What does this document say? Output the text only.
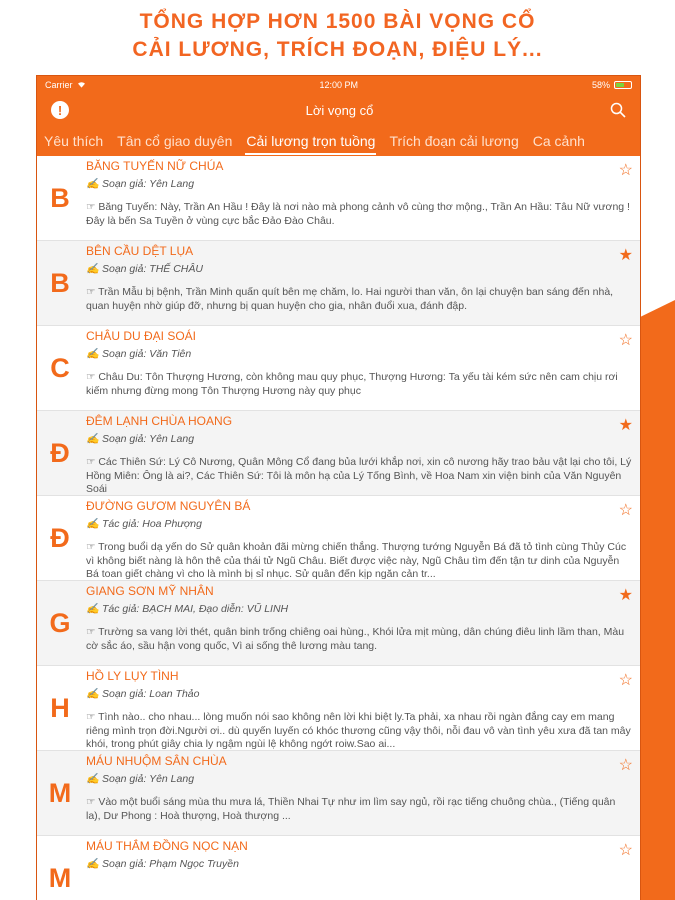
TỔNG HỢP HƠN 1500 BÀI VỌNG CỔ
CẢI LƯƠNG, TRÍCH ĐOẠN, ĐIỆU LÝ...
Carrier	12:00 PM	58%
!	Lời vọng cổ
Yêu thích	Tân cổ giao duyên	Cải lương trọn tuồng	Trích đoạn cải lương	Ca cảnh
B
BĂNG TUYẾN NỮ CHÚA
✍ Soạn giả: Yên Lang
☞ Băng Tuyến: Này, Trần An Hầu ! Đây là nơi nào mà phong cảnh vô cùng thơ mộng., Trần An Hầu: Tâu Nữ vương ! Đây là bến Sa Tuyền ở vùng cực bắc Đảo Đào Châu.
☆
B
BÊN CẦU DỆT LỤA
✍ Soạn giả: THẾ CHÂU
☞ Trần Mẫu bị bệnh, Trần Minh quấn quít bên mẹ chăm, lo. Hai người than văn, ôn lại chuyện ban sáng đến nhà, quan huyện nhờ giúp đỡ, nhưng bị quan huyện cho gia, nhân đuổi xua, đánh đập.
★
C
CHÂU DU ĐẠI SOÁI
✍ Soạn giả: Văn Tiên
☞ Châu Du: Tôn Thượng Hương, còn không mau quy phục, Thượng Hương: Ta yếu tài kém sức nên cam chịu rơi kiếm nhưng đừng mong Tôn Thượng Hương này quy phục
☆
Đ
ĐÊM LẠNH CHÙA HOANG
✍ Soạn giả: Yên Lang
☞ Các Thiên Sứ: Lý Cô Nương, Quân Mông Cổ đang bủa lưới khắp nơi, xin cô nương hãy trao bảu vật lại cho tôi, Lý Hồng Miên: Ông là ai?, Các Thiên Sứ: Tôi là môn hạ của Lý Tống Bình, về Hoa Nam xin viện binh của Văn Nguyên Soái
★
Đ
ĐƯỜNG GƯƠM NGUYÊN BÁ
✍ Tác giả: Hoa Phượng
☞ Trong buổi dạ yến do Sử quân khoản đãi mừng chiến thắng. Thượng tướng Nguyễn Bá đã tỏ tình cùng Thủy Cúc vì không biết nàng là hôn thê của thái tử Ngũ Châu. Biết được việc này, Ngũ Châu tìm đến tận tư dinh của Nguyễn Bá toan giết chàng vì cho là mình bị sỉ nhục. Sử quân đến kịp ngăn cản tr...
☆
G
GIANG SƠN MỸ NHÂN
✍ Tác giả: BẠCH MAI, Đạo diễn: VŨ LINH
☞ Trường sa vang lời thét, quân binh trống chiêng oai hùng., Khói lửa mịt mùng, dân chúng điêu linh lầm than, Màu cờ sắc áo, sầu hận vong quốc, Vì ai sống thê lương màu tang.
★
H
HỒ LY LỤY TÌNH
✍ Soạn giả: Loan Thảo
☞ Tình nào.. cho nhau... lòng muốn nói sao không nên lời khi biệt ly.Ta phải, xa nhau rồi ngàn đắng cay em mang riêng mình trọn đời.Người ơi.. dù quyến luyến có khóc thương cũng vậy thôi, nỗi đau vô vàn tình yêu xưa đã tan mây khói, trong phút giây chia ly ngậm ngùi lệ không ngớt roiw.Sao ai...
☆
M
MÁU NHUỘM SÂN CHÙA
✍ Soạn giả: Yên Lang
☞ Vào một buổi sáng mùa thu mưa lá, Thiền Nhai Tự như im lìm say ngủ, rồi rạc tiếng chuông chùa., (Tiếng quân la), Dư Phong : Hoà thượng, Hoà thượng ...
☆
M
MÁU THẮM ĐỒNG NỌC NẠN
✍ Soạn giả: Phạm Ngọc Truyền
☆
